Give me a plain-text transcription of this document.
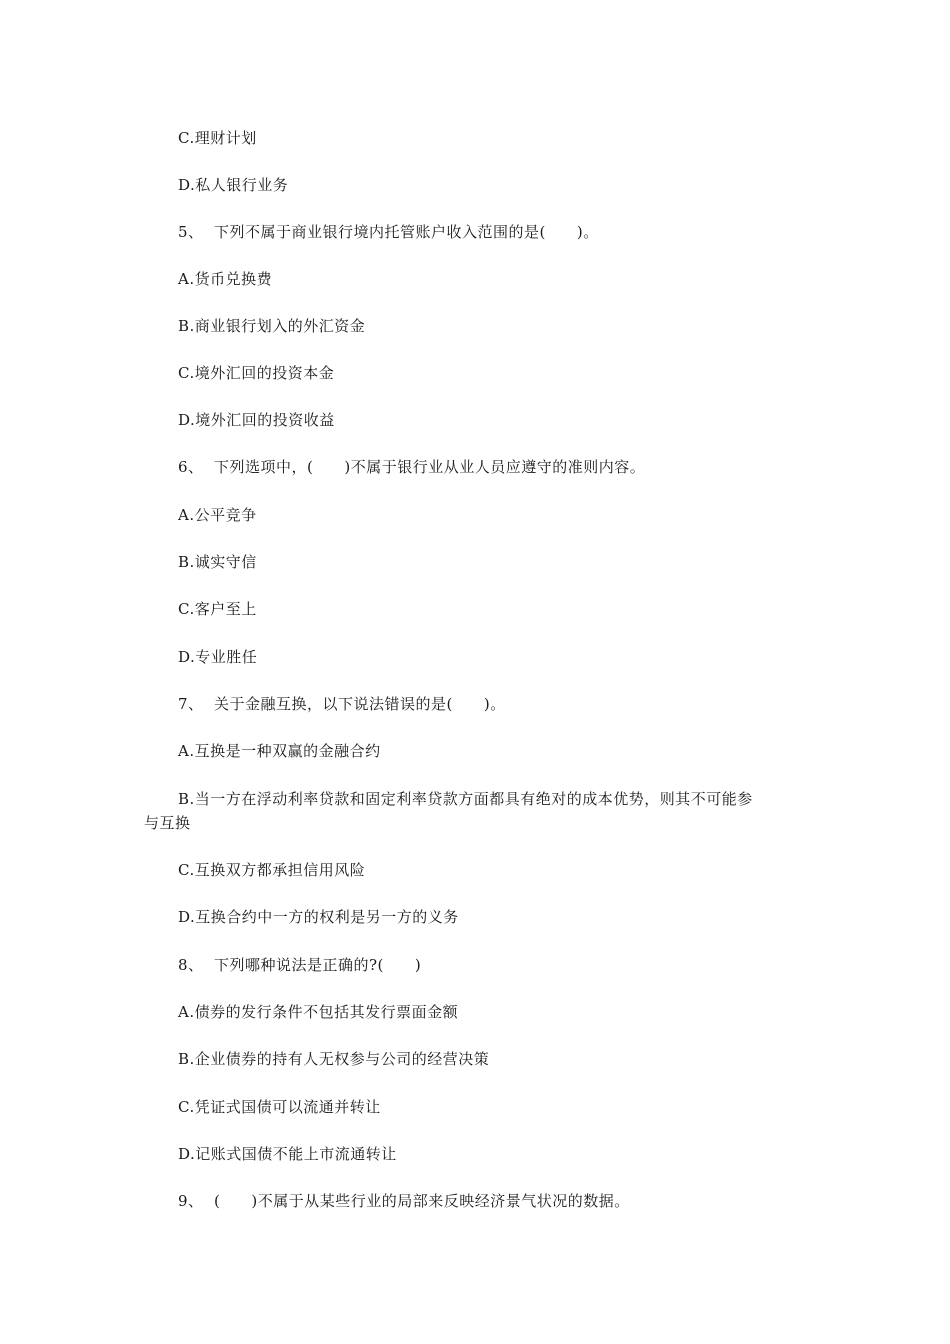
C.理财计划
D.私人银行业务
5、 下列不属于商业银行境内托管账户收入范围的是(　　)。
A.货币兑换费
B.商业银行划入的外汇资金
C.境外汇回的投资本金
D.境外汇回的投资收益
6、 下列选项中，(　　)不属于银行业从业人员应遵守的准则内容。
A.公平竞争
B.诚实守信
C.客户至上
D.专业胜任
7、 关于金融互换，以下说法错误的是(　　)。
A.互换是一种双赢的金融合约
B.当一方在浮动利率贷款和固定利率贷款方面都具有绝对的成本优势，则其不可能参
与互换
C.互换双方都承担信用风险
D.互换合约中一方的权利是另一方的义务
8、 下列哪种说法是正确的?(　　)
A.债券的发行条件不包括其发行票面金额
B.企业债券的持有人无权参与公司的经营决策
C.凭证式国债可以流通并转让
D.记账式国债不能上市流通转让
9、 (　　)不属于从某些行业的局部来反映经济景气状况的数据。
